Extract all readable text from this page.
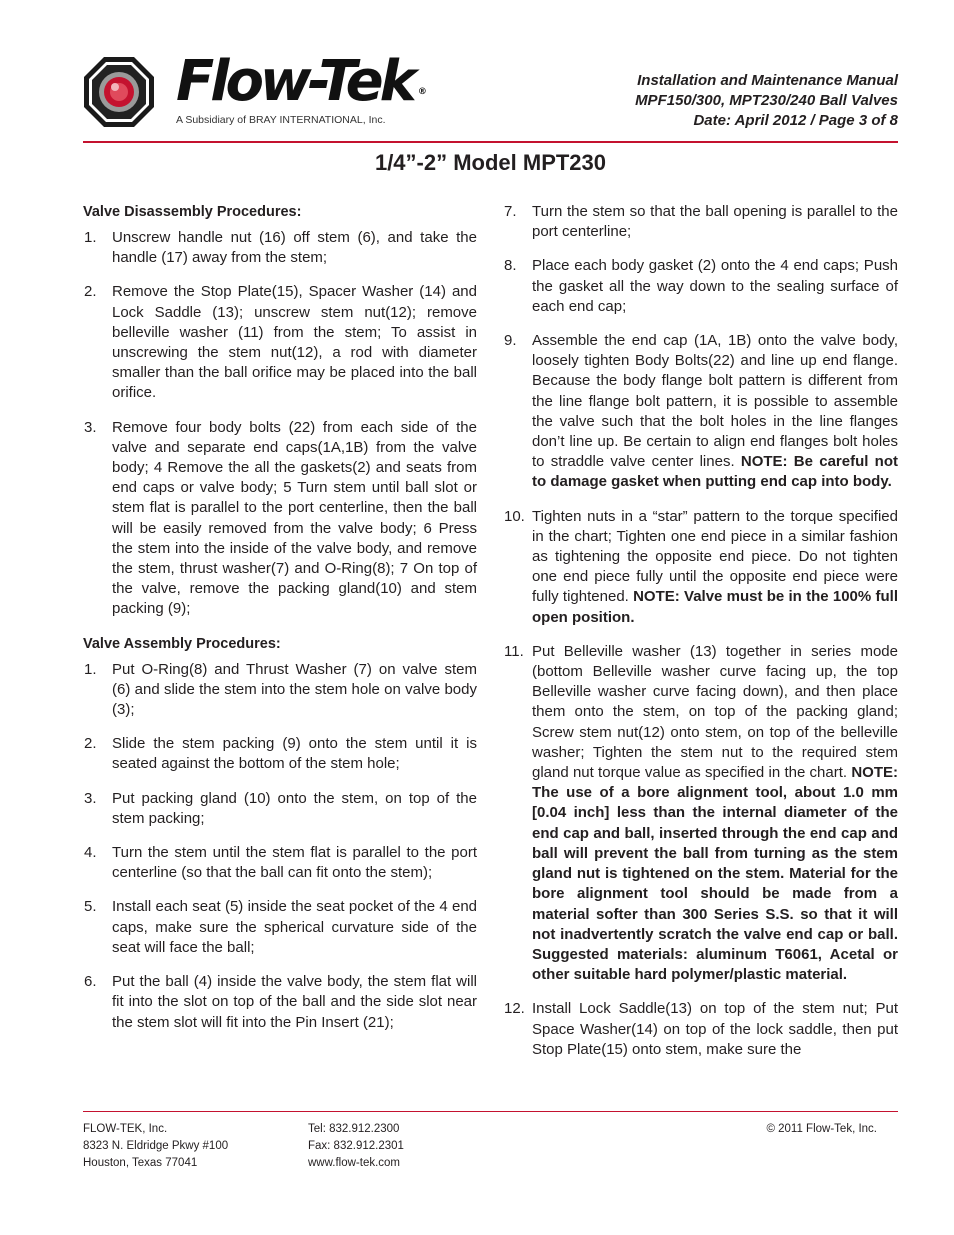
Flow-Tek ®
A Subsidiary of BRAY INTERNATIONAL, Inc.
Installation and Maintenance Manual
MPF150/300, MPT230/240 Ball Valves
Date: April 2012 / Page 3 of 8
1/4”-2” Model MPT230
Valve Disassembly Procedures:
1. Unscrew handle nut (16) off stem (6), and take the handle (17) away from the stem;
2. Remove the Stop Plate(15), Spacer Washer (14) and Lock Saddle (13); unscrew stem nut(12); remove belleville washer (11) from the stem; To assist in unscrewing the stem nut(12), a rod with diameter smaller than the ball orifice may be placed into the ball orifice.
3. Remove four body bolts (22) from each side of the valve and separate end caps(1A,1B) from the valve body; 4 Remove the all the gaskets(2) and seats from end caps or valve body; 5 Turn stem until ball slot or stem flat is parallel to the port centerline, then the ball will be easily removed from the valve body; 6 Press the stem into the inside of the valve body, and remove the stem, thrust washer(7) and O-Ring(8); 7 On top of the valve, remove the packing gland(10) and stem packing (9);
Valve Assembly Procedures:
1. Put O-Ring(8) and Thrust Washer (7) on valve stem (6) and slide the stem into the stem hole on valve body (3);
2. Slide the stem packing (9) onto the stem until it is seated against the bottom of the stem hole;
3. Put packing gland (10) onto the stem, on top of the stem packing;
4. Turn the stem until the stem flat is parallel to the port centerline (so that the ball can fit onto the stem);
5. Install each seat (5) inside the seat pocket of the 4 end caps, make sure the spherical curvature side of the seat will face the ball;
6. Put the ball (4) inside the valve body, the stem flat will fit into the slot on top of the ball and the side slot near the stem slot will fit into the Pin Insert (21);
7. Turn the stem so that the ball opening is parallel to the port centerline;
8. Place each body gasket (2) onto the 4 end caps; Push the gasket all the way down to the sealing surface of each end cap;
9. Assemble the end cap (1A, 1B) onto the valve body, loosely tighten Body Bolts(22) and line up end flange. Because the body flange bolt pattern is different from the line flange bolt pattern, it is possible to assemble the valve such that the bolt holes in the line flanges don’t line up. Be certain to align end flanges bolt holes to straddle valve center lines. NOTE: Be careful not to damage gasket when putting end cap into body.
10. Tighten nuts in a “star” pattern to the torque specified in the chart; Tighten one end piece in a similar fashion as tightening the opposite end piece. Do not tighten one end piece fully until the opposite end piece were fully tightened. NOTE: Valve must be in the 100% full open position.
11. Put Belleville washer (13) together in series mode (bottom Belleville washer curve facing up, the top Belleville washer curve facing down), and then place them onto the stem, on top of the packing gland; Screw stem nut(12) onto stem, on top of the belleville washer; Tighten the stem nut to the required stem gland nut torque value as specified in the chart. NOTE: The use of a bore alignment tool, about 1.0 mm [0.04 inch] less than the internal diameter of the end cap and ball, inserted through the end cap and ball will prevent the ball from turning as the stem gland nut is tightened on the stem. Material for the bore alignment tool should be made from a material softer than 300 Series S.S. so that it will not inadvertently scratch the valve end cap or ball. Suggested materials: aluminum T6061, Acetal or other suitable hard polymer/plastic material.
12. Install Lock Saddle(13) on top of the stem nut; Put Space Washer(14) on top of the lock saddle, then put Stop Plate(15) onto stem, make sure the
FLOW-TEK, Inc.
8323 N. Eldridge Pkwy #100
Houston, Texas 77041
Tel: 832.912.2300
Fax: 832.912.2301
www.flow-tek.com
© 2011 Flow-Tek, Inc.
